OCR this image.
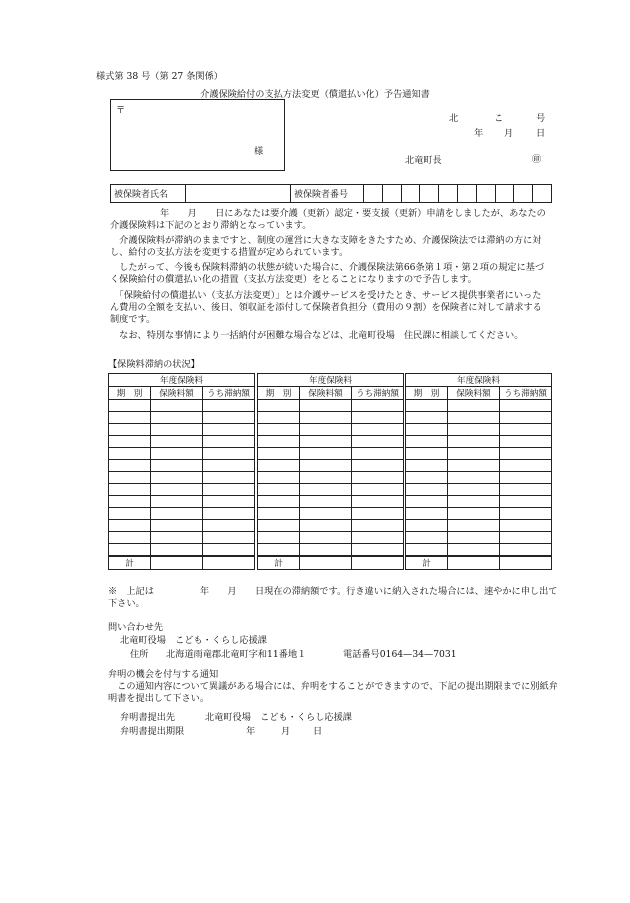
様式第 38 号（第 27 条関係）
介護保険給付の支払方法変更（償還払い化）予告通知書
〒
様
北	こ	号
年 月 日
北竜町長	㊞
被保険者氏名		被保険者番号										
年　　月　　日にあなたは要介護（更新）認定・要支援（更新）申請をしましたが、あなたの介護保険料は下記のとおり滞納となっています。
　介護保険料が滞納のままですと、制度の運営に大きな支障をきたすため、介護保険法では滞納の方に対し、給付の支払方法を変更する措置が定められています。
　したがって、今後も保険料滞納の状態が続いた場合に、介護保険法第66条第１項・第２項の規定に基づく保険給付の償還払い化の措置（支払方法変更）をとることになりますので予告します。
　「保険給付の償還払い（支払方法変更）」とは介護サービスを受けたとき、サービス提供事業者にいったん費用の全額を支払い、後日、領収証を添付して保険者負担分（費用の９割）を保険者に対して請求する制度です。
　なお、特別な事情により一括納付が困難な場合などは、北竜町役場　住民課に相談してください。
【保険料滞納の状況】
年度保険料		
期　別	保険料額	うち滞納額

計		
年度保険料		
期　別	保険料額	うち滞納額

計		
年度保険料		
期　別	保険料額	うち滞納額

計		
※　上記は　　　　　年　　月　　日現在の滞納額です。行き違いに納入された場合には、速やかに申し出て下さい。
問い合わせ先
北竜町役場　こども・くらし応援課
住所 北海道雨竜郡北竜町字和11番地１	電話番号0164—34—7031
弁明の機会を付与する通知
　この通知内容について異議がある場合には、弁明をすることができますので、下記の提出期限までに別紙弁明書を提出して下さい。
弁明書提出先	北竜町役場　こども・くらし応援課
弁明書提出期限	年	月 日
